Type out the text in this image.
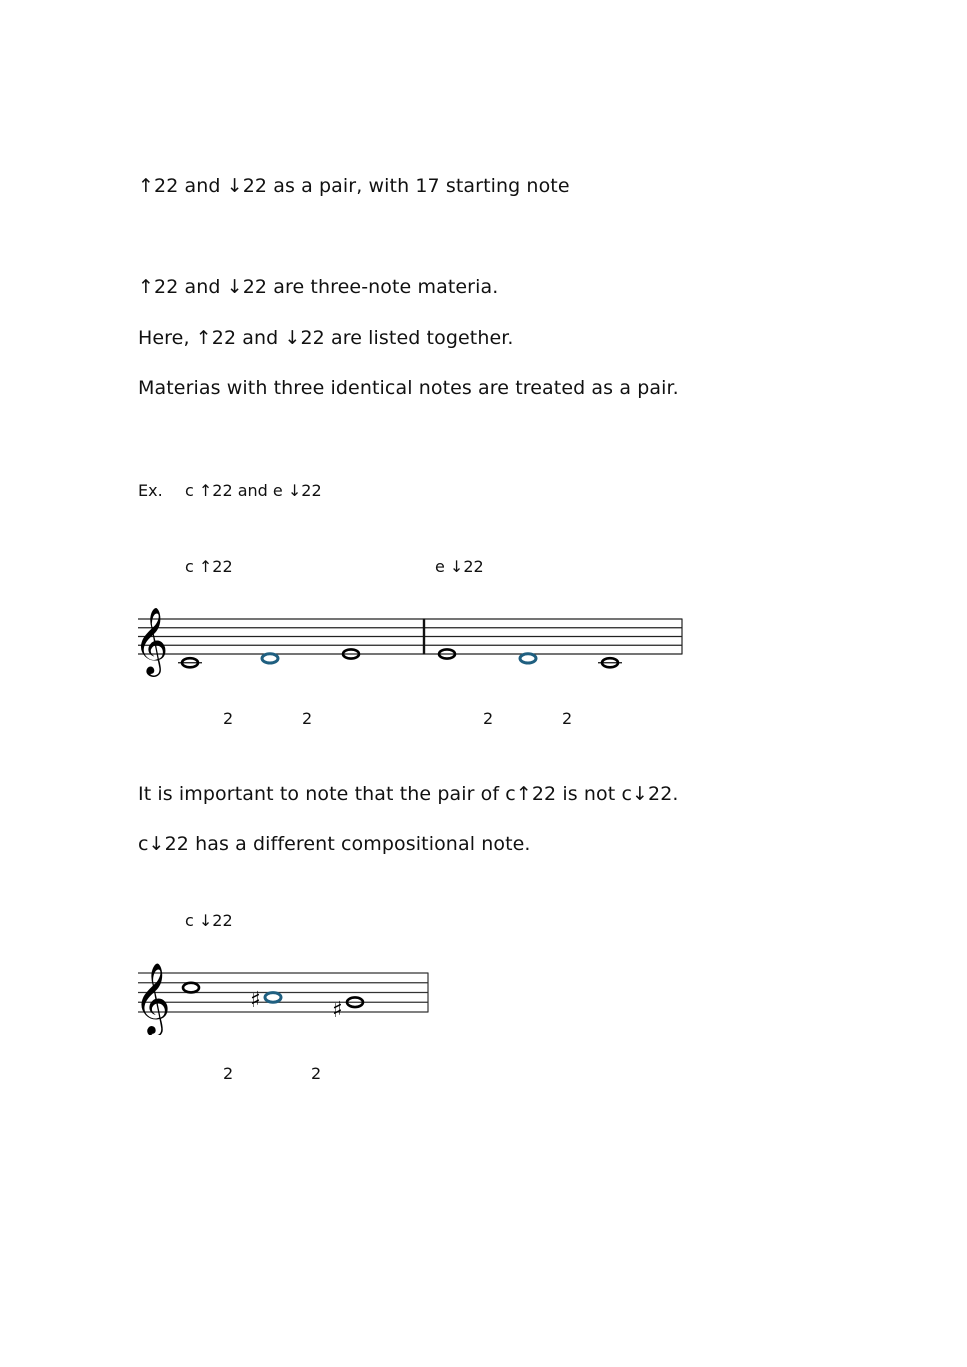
↑22 and ↓22 as a pair, with 17 starting note
↑22 and ↓22 are three-note materia.
Here, ↑22 and ↓22 are listed together.
Materias with three identical notes are treated as a pair.
Ex. c ↑22 and e ↓22
c ↑22	e ↓22
𝄞
2	2	2	2
It is important to note that the pair of c↑22 is not c↓22.
c↓22 has a different compositional note.
c ↓22
𝄞	♯	♯
2	2
